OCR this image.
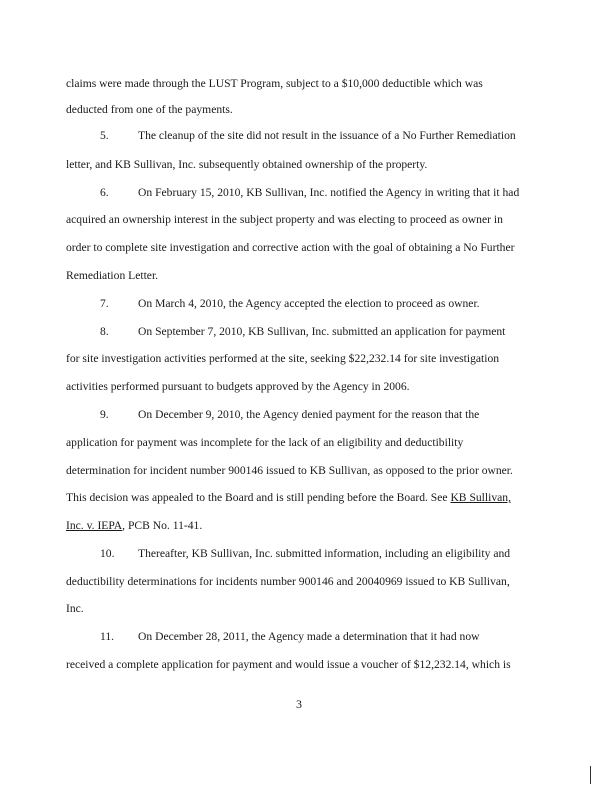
claims were made through the LUST Program, subject to a $10,000 deductible which was
deducted from one of the payments.
5.	The cleanup of the site did not result in the issuance of a No Further Remediation
letter, and KB Sullivan, Inc. subsequently obtained ownership of the property.
6.	On February 15, 2010, KB Sullivan, Inc. notified the Agency in writing that it had
acquired an ownership interest in the subject property and was electing to proceed as owner in
order to complete site investigation and corrective action with the goal of obtaining a No Further
Remediation Letter.
7.	On March 4, 2010, the Agency accepted the election to proceed as owner.
8.	On September 7, 2010, KB Sullivan, Inc. submitted an application for payment
for site investigation activities performed at the site, seeking $22,232.14 for site investigation
activities performed pursuant to budgets approved by the Agency in 2006.
9.	On December 9, 2010, the Agency denied payment for the reason that the
application for payment was incomplete for the lack of an eligibility and deductibility
determination for incident number 900146 issued to KB Sullivan, as opposed to the prior owner.
This decision was appealed to the Board and is still pending before the Board. See KB Sullivan,
Inc. v. IEPA, PCB No. 11-41.
10. Thereafter, KB Sullivan, Inc. submitted information, including an eligibility and
deductibility determinations for incidents number 900146 and 20040969 issued to KB Sullivan,
Inc.
11. On December 28, 2011, the Agency made a determination that it had now
received a complete application for payment and would issue a voucher of $12,232.14, which is
3
